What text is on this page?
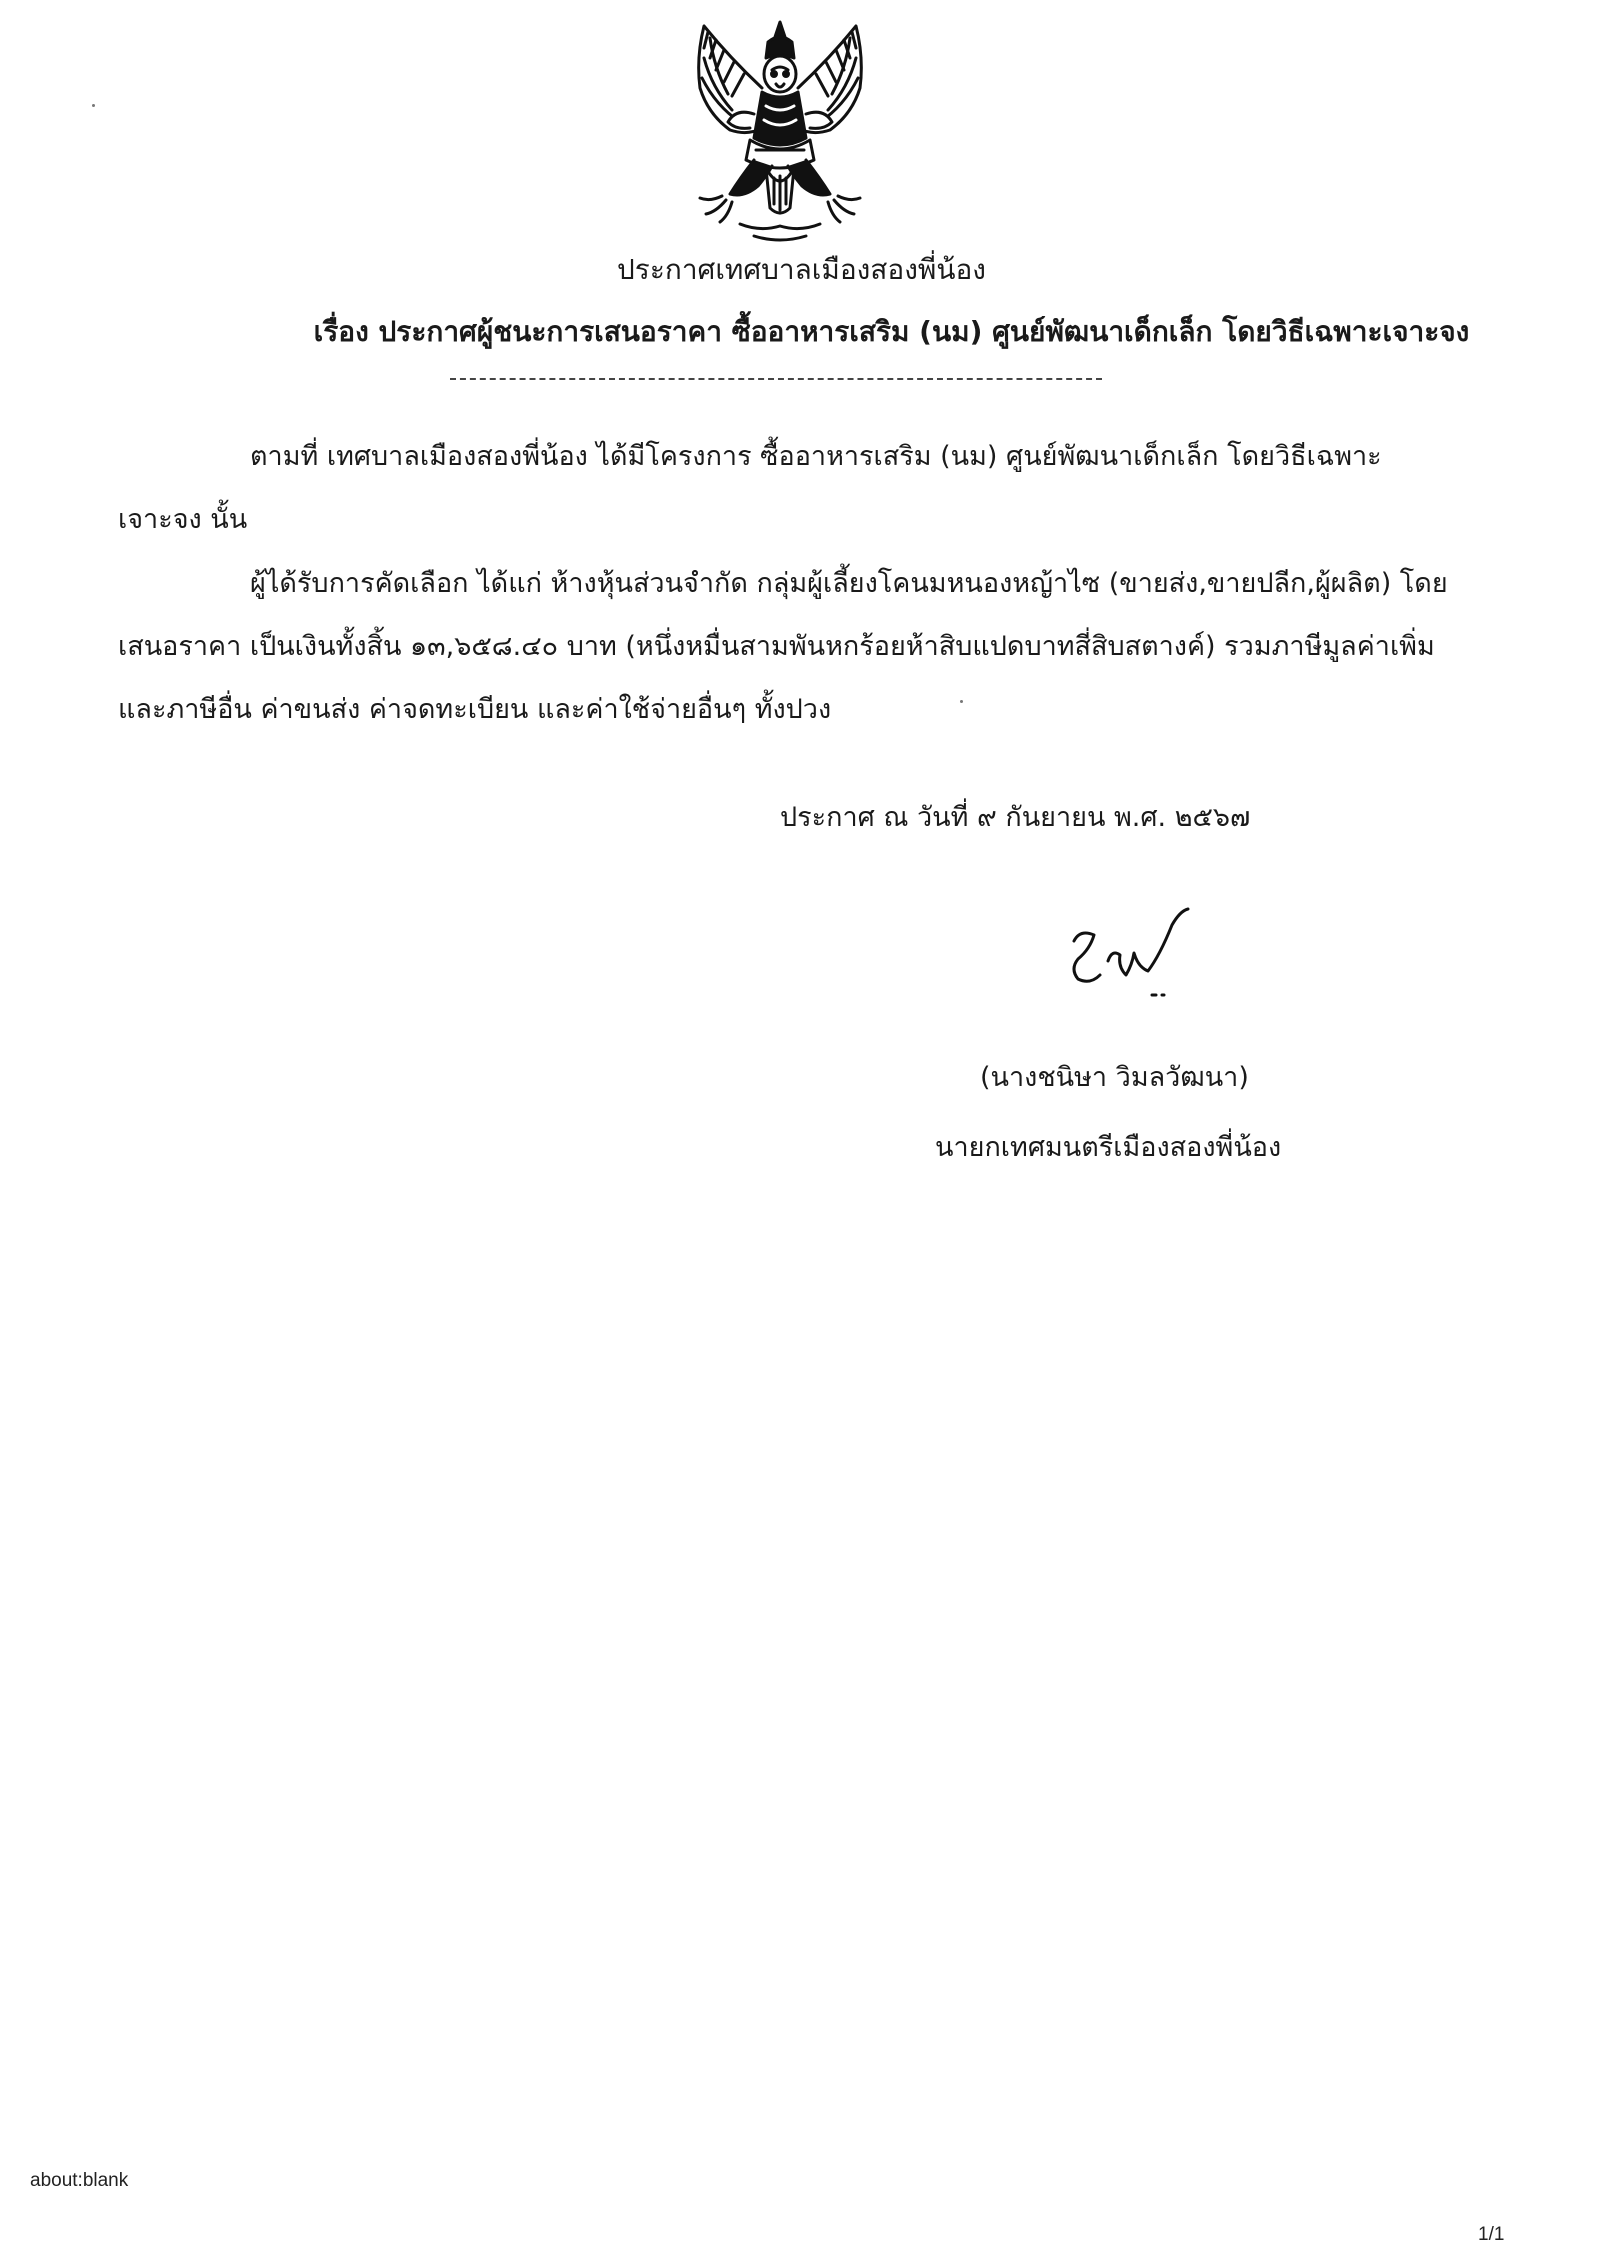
ประกาศเทศบาลเมืองสองพี่น้อง
เรื่อง ประกาศผู้ชนะการเสนอราคา ซื้ออาหารเสริม (นม) ศูนย์พัฒนาเด็กเล็ก โดยวิธีเฉพาะเจาะจง

ตามที่ เทศบาลเมืองสองพี่น้อง ได้มีโครงการ ซื้ออาหารเสริม (นม) ศูนย์พัฒนาเด็กเล็ก โดยวิธีเฉพาะเจาะจง นั้น

ผู้ได้รับการคัดเลือก ได้แก่ ห้างหุ้นส่วนจำกัด กลุ่มผู้เลี้ยงโคนมหนองหญ้าไซ (ขายส่ง,ขายปลีก,ผู้ผลิต) โดยเสนอราคา เป็นเงินทั้งสิ้น ๑๓,๖๕๘.๔๐ บาท (หนึ่งหมื่นสามพันหกร้อยห้าสิบแปดบาทสี่สิบสตางค์) รวมภาษีมูลค่าเพิ่มและภาษีอื่น ค่าขนส่ง ค่าจดทะเบียน และค่าใช้จ่ายอื่นๆ ทั้งปวง

ประกาศ ณ วันที่ ๙ กันยายน พ.ศ. ๒๕๖๗
(นางชนิษา วิมลวัฒนา)
นายกเทศมนตรีเมืองสองพี่น้อง
about:blank
1/1
